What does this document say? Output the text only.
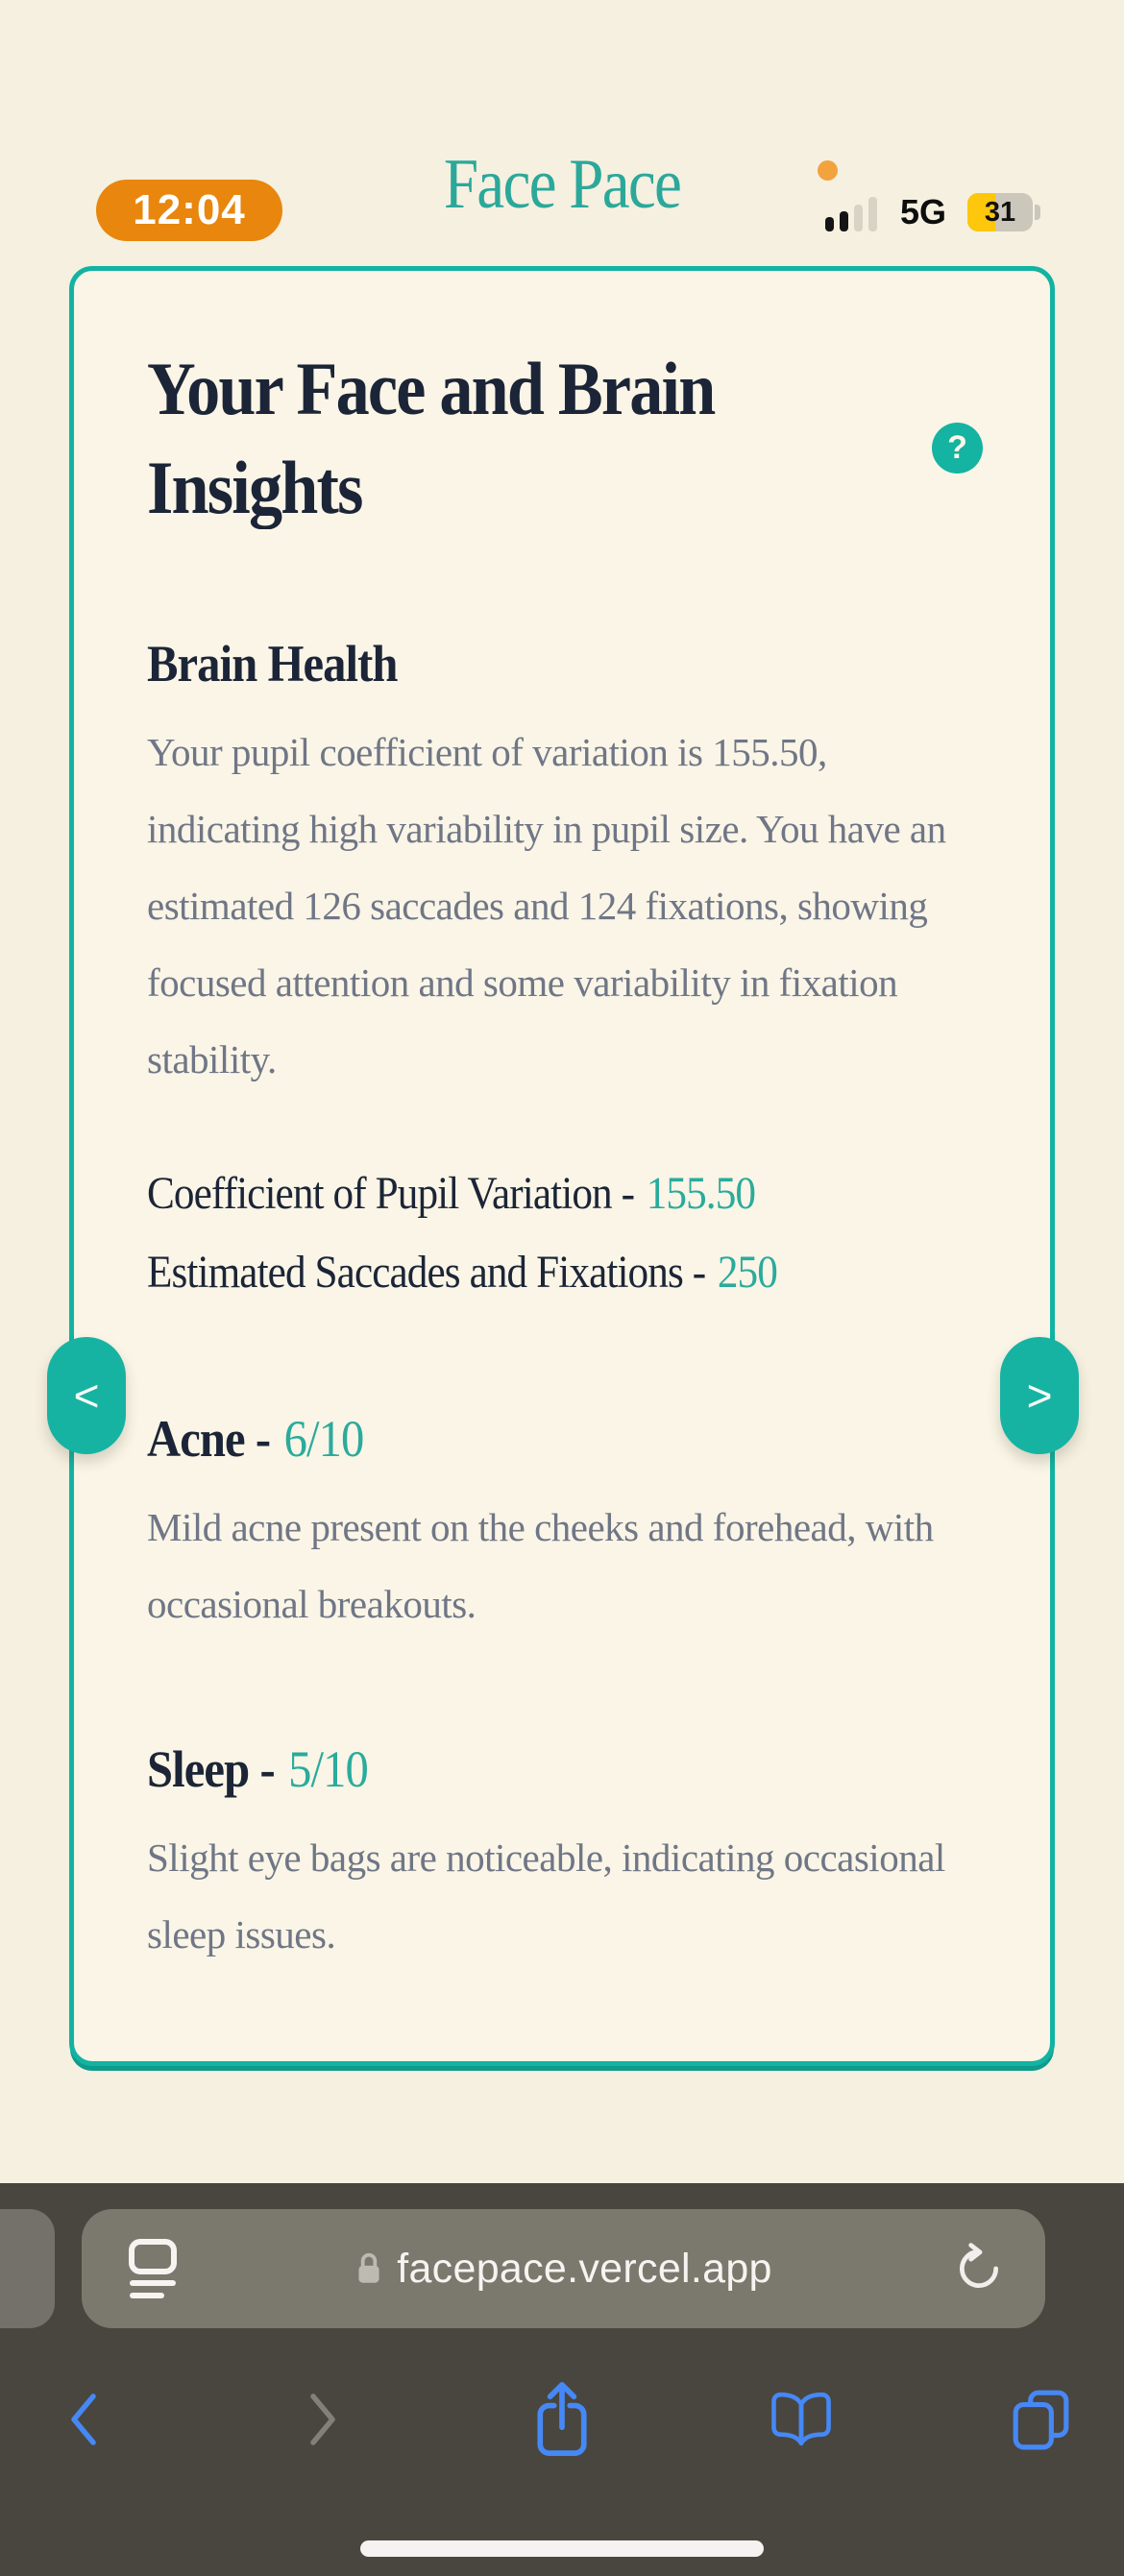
12:04	5G	31
Face Pace
?
Your Face and Brain Insights
Brain Health

Your pupil coefficient of variation is 155.50, indicating high variability in pupil size. You have an estimated 126 saccades and 124 fixations, showing focused attention and some variability in fixation stability.

Coefficient of Pupil Variation - 155.50
Estimated Saccades and Fixations - 250
Acne - 6/10

Mild acne present on the cheeks and forehead, with occasional breakouts.

Sleep - 5/10

Slight eye bags are noticeable, indicating occasional sleep issues.

<	>
facepace.vercel.app
